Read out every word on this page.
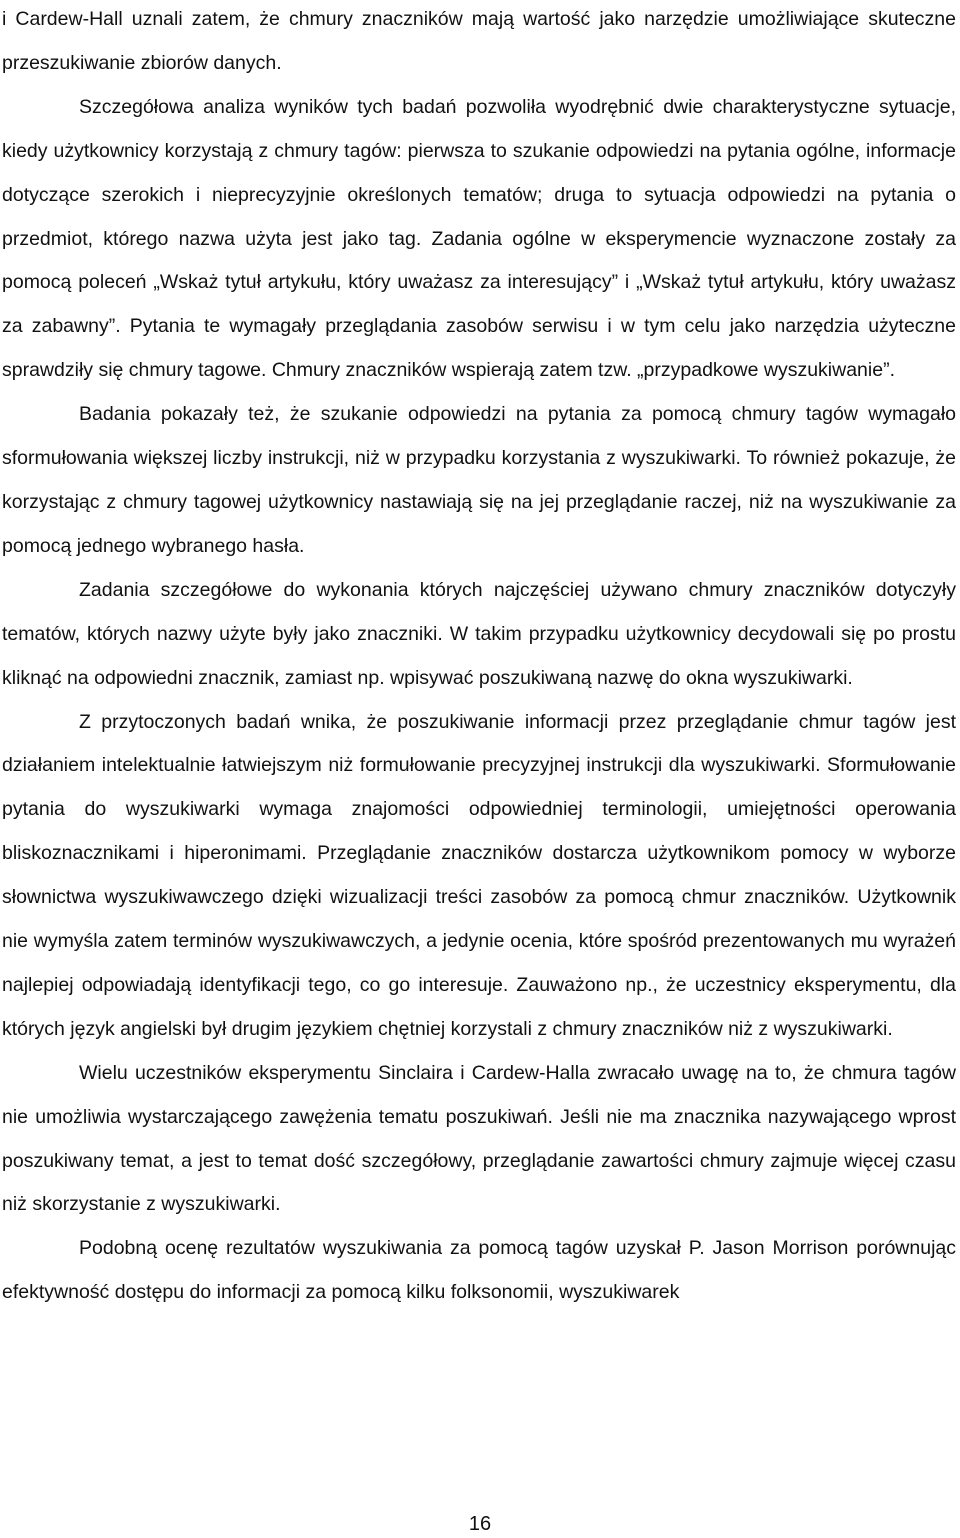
i Cardew-Hall uznali zatem, że chmury znaczników mają wartość jako narzędzie umożliwiające skuteczne przeszukiwanie zbiorów danych.

Szczegółowa analiza wyników tych badań pozwoliła wyodrębnić dwie charakterystyczne sytuacje, kiedy użytkownicy korzystają z chmury tagów: pierwsza to szukanie odpowiedzi na pytania ogólne, informacje dotyczące szerokich i nieprecyzyjnie określonych tematów; druga to sytuacja odpowiedzi na pytania o przedmiot, którego nazwa użyta jest jako tag. Zadania ogólne w eksperymencie wyznaczone zostały za pomocą poleceń „Wskaż tytuł artykułu, który uważasz za interesujący” i „Wskaż tytuł artykułu, który uważasz za zabawny”. Pytania te wymagały przeglądania zasobów serwisu i w tym celu jako narzędzia użyteczne sprawdziły się chmury tagowe. Chmury znaczników wspierają zatem tzw. „przypadkowe wyszukiwanie”.

Badania pokazały też, że szukanie odpowiedzi na pytania za pomocą chmury tagów wymagało sformułowania większej liczby instrukcji, niż w przypadku korzystania z wyszukiwarki. To również pokazuje, że korzystając z chmury tagowej użytkownicy nastawiają się na jej przeglądanie raczej, niż na wyszukiwanie za pomocą jednego wybranego hasła.

Zadania szczegółowe do wykonania których najczęściej używano chmury znaczników dotyczyły tematów, których nazwy użyte były jako znaczniki. W takim przypadku użytkownicy decydowali się po prostu kliknąć na odpowiedni znacznik, zamiast np. wpisywać poszukiwaną nazwę do okna wyszukiwarki.

Z przytoczonych badań wnika, że poszukiwanie informacji przez przeglądanie chmur tagów jest działaniem intelektualnie łatwiejszym niż formułowanie precyzyjnej instrukcji dla wyszukiwarki. Sformułowanie pytania do wyszukiwarki wymaga znajomości odpowiedniej terminologii, umiejętności operowania bliskoznacznikami i hiperonimami. Przeglądanie znaczników dostarcza użytkownikom pomocy w wyborze słownictwa wyszukiwawczego dzięki wizualizacji treści zasobów za pomocą chmur znaczników. Użytkownik nie wymyśla zatem terminów wyszukiwawczych, a jedynie ocenia, które spośród prezentowanych mu wyrażeń najlepiej odpowiadają identyfikacji tego, co go interesuje. Zauważono np., że uczestnicy eksperymentu, dla których język angielski był drugim językiem chętniej korzystali z chmury znaczników niż z wyszukiwarki.

Wielu uczestników eksperymentu Sinclaira i Cardew-Halla zwracało uwagę na to, że chmura tagów nie umożliwia wystarczającego zawężenia tematu poszukiwań. Jeśli nie ma znacznika nazywającego wprost poszukiwany temat, a jest to temat dość szczegółowy, przeglądanie zawartości chmury zajmuje więcej czasu niż skorzystanie z wyszukiwarki.

Podobną ocenę rezultatów wyszukiwania za pomocą tagów uzyskał P. Jason Morrison porównując efektywność dostępu do informacji za pomocą kilku folksonomii, wyszukiwarek

16
